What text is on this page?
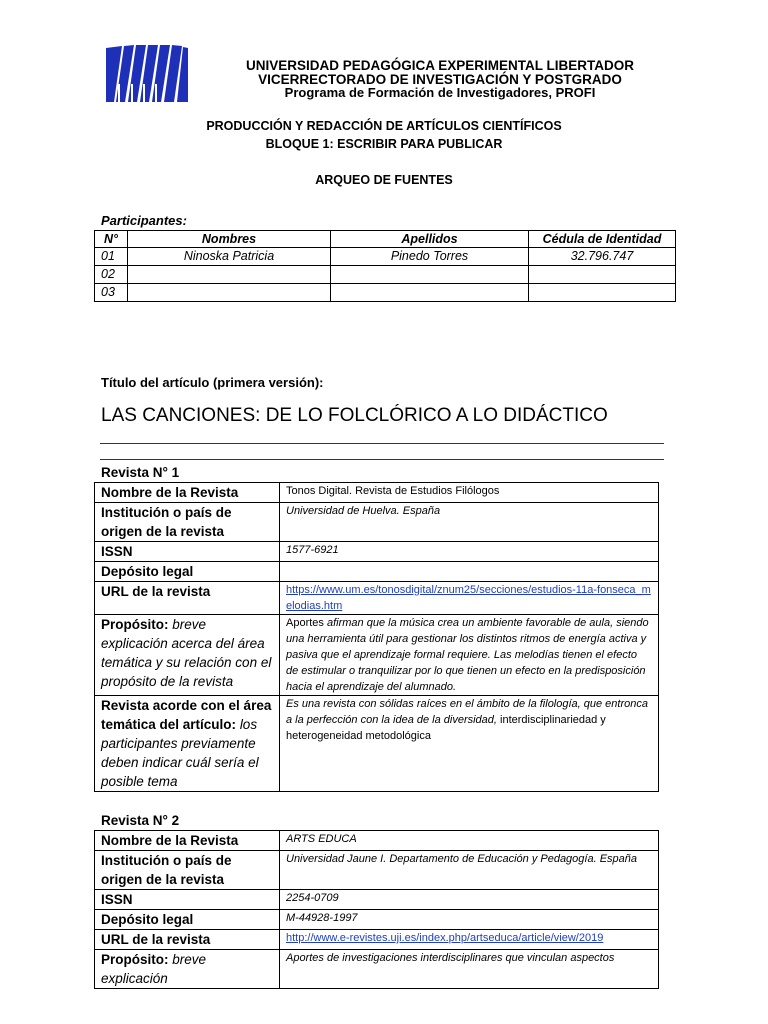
UNIVERSIDAD PEDAGÓGICA EXPERIMENTAL LIBERTADOR
VICERRECTORADO DE INVESTIGACIÓN Y POSTGRADO
Programa de Formación de Investigadores, PROFI
PRODUCCIÓN Y REDACCIÓN DE ARTÍCULOS CIENTÍFICOS
BLOQUE 1: ESCRIBIR PARA PUBLICAR
ARQUEO DE FUENTES
Participantes:
N°	Nombres	Apellidos	Cédula de Identidad
01	Ninoska Patricia	Pinedo Torres	32.796.747
02			
03			
Título del artículo (primera versión):
LAS CANCIONES: DE LO FOLCLÓRICO A LO DIDÁCTICO
Revista N° 1
Nombre de la Revista	Tonos Digital. Revista de Estudios Filólogos
Institución o país de origen de la revista	Universidad de Huelva. España
ISSN	1577-6921
Depósito legal	
URL de la revista	https://www.um.es/tonosdigital/znum25/secciones/estudios-11a-fonseca_melodias.htm
Propósito: breve explicación acerca del área temática y su relación con el propósito de la revista	Aportes afirman que la música crea un ambiente favorable de aula, siendo una herramienta útil para gestionar los distintos ritmos de energía activa y pasiva que el aprendizaje formal requiere. Las melodías tienen el efecto de estimular o tranquilizar por lo que tienen un efecto en la predisposición hacia el aprendizaje del alumnado.
Revista acorde con el área temática del artículo: los participantes previamente deben indicar cuál sería el posible tema	Es una revista con sólidas raíces en el ámbito de la filología, que entronca a la perfección con la idea de la diversidad, interdisciplinariedad y heterogeneidad metodológica
Revista N° 2
Nombre de la Revista	ARTS EDUCA
Institución o país de origen de la revista	Universidad Jaune I. Departamento de Educación y Pedagogía. España
ISSN	2254-0709
Depósito legal	M-44928-1997
URL de la revista	http://www.e-revistes.uji.es/index.php/artseduca/article/view/2019
Propósito: breve explicación	Aportes de investigaciones interdisciplinares que vinculan aspectos
